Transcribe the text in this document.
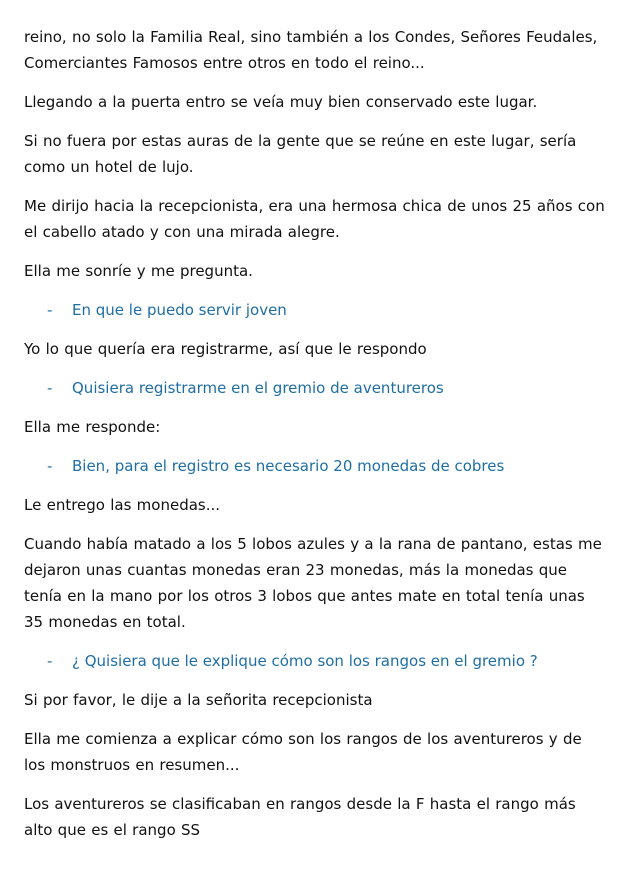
reino, no solo la Familia Real, sino también a los Condes, Señores Feudales, Comerciantes Famosos entre otros en todo el reino...

Llegando a la puerta entro se veía muy bien conservado este lugar.

Si no fuera por estas auras de la gente que se reúne en este lugar, sería como un hotel de lujo.

Me dirijo hacia la recepcionista, era una hermosa chica de unos 25 años con el cabello atado y con una mirada alegre.

Ella me sonríe y me pregunta.

- En que le puedo servir joven

Yo lo que quería era registrarme, así que le respondo

- Quisiera registrarme en el gremio de aventureros

Ella me responde:

- Bien, para el registro es necesario 20 monedas de cobres

Le entrego las monedas...

Cuando había matado a los 5 lobos azules y a la rana de pantano, estas me dejaron unas cuantas monedas eran 23 monedas, más la monedas que tenía en la mano por los otros 3 lobos que antes mate en total tenía unas 35 monedas en total.

- ¿ Quisiera que le explique cómo son los rangos en el gremio ?

Si por favor, le dije a la señorita recepcionista

Ella me comienza a explicar cómo son los rangos de los aventureros y de los monstruos en resumen...

Los aventureros se clasificaban en rangos desde la F hasta el rango más alto que es el rango SS
